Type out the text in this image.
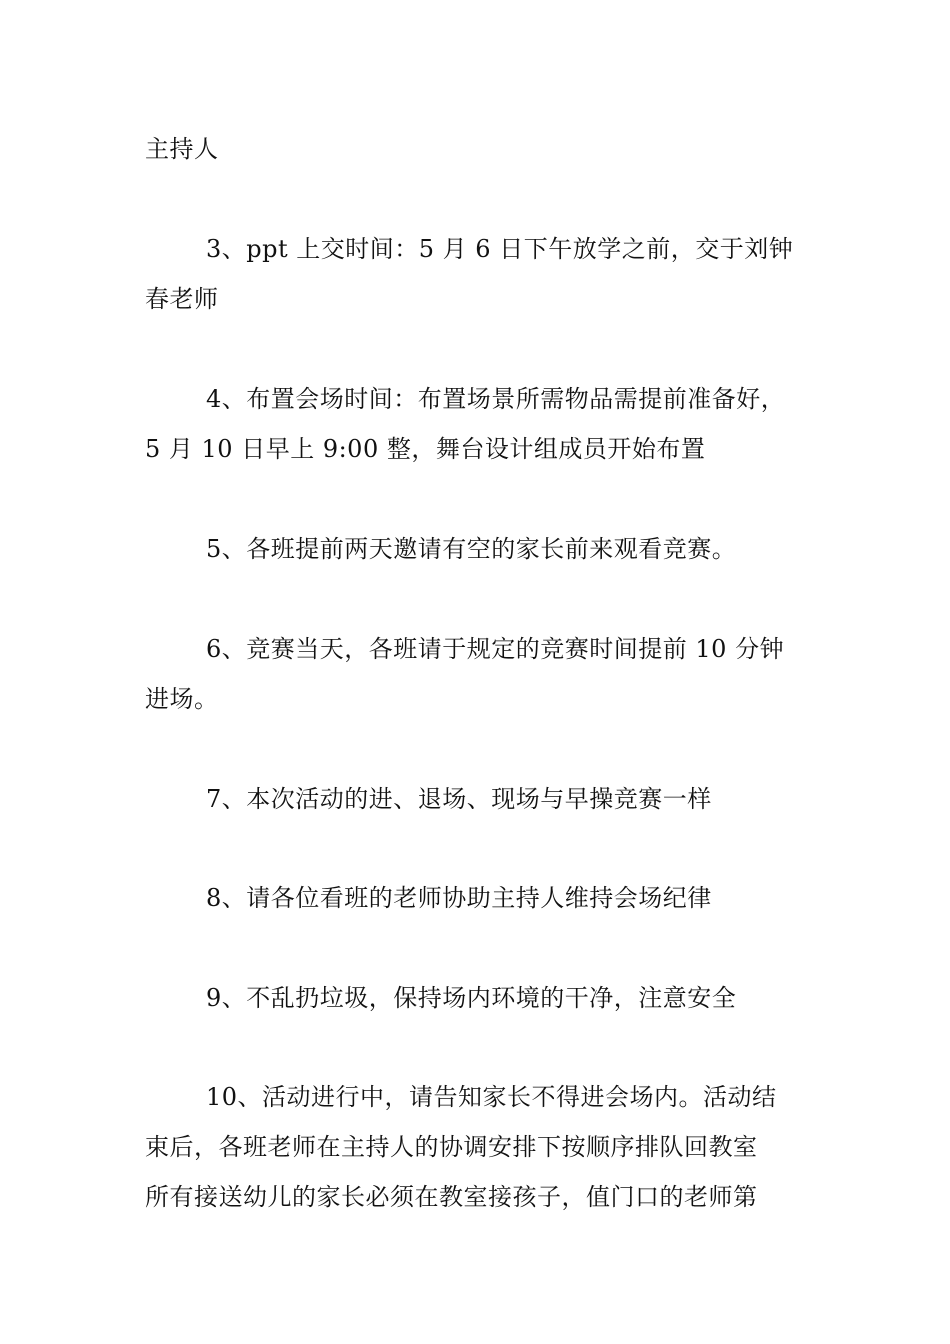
主持人
3、ppt 上交时间：5 月 6 日下午放学之前，交于刘钟
春老师
4、布置会场时间：布置场景所需物品需提前准备好，
5 月 10 日早上 9:00 整，舞台设计组成员开始布置
5、各班提前两天邀请有空的家长前来观看竞赛。
6、竞赛当天，各班请于规定的竞赛时间提前 10 分钟
进场。
7、本次活动的进、退场、现场与早操竞赛一样
8、请各位看班的老师协助主持人维持会场纪律
9、不乱扔垃圾，保持场内环境的干净，注意安全
10、活动进行中，请告知家长不得进会场内。活动结
束后，各班老师在主持人的协调安排下按顺序排队回教室
所有接送幼儿的家长必须在教室接孩子，值门口的老师第
